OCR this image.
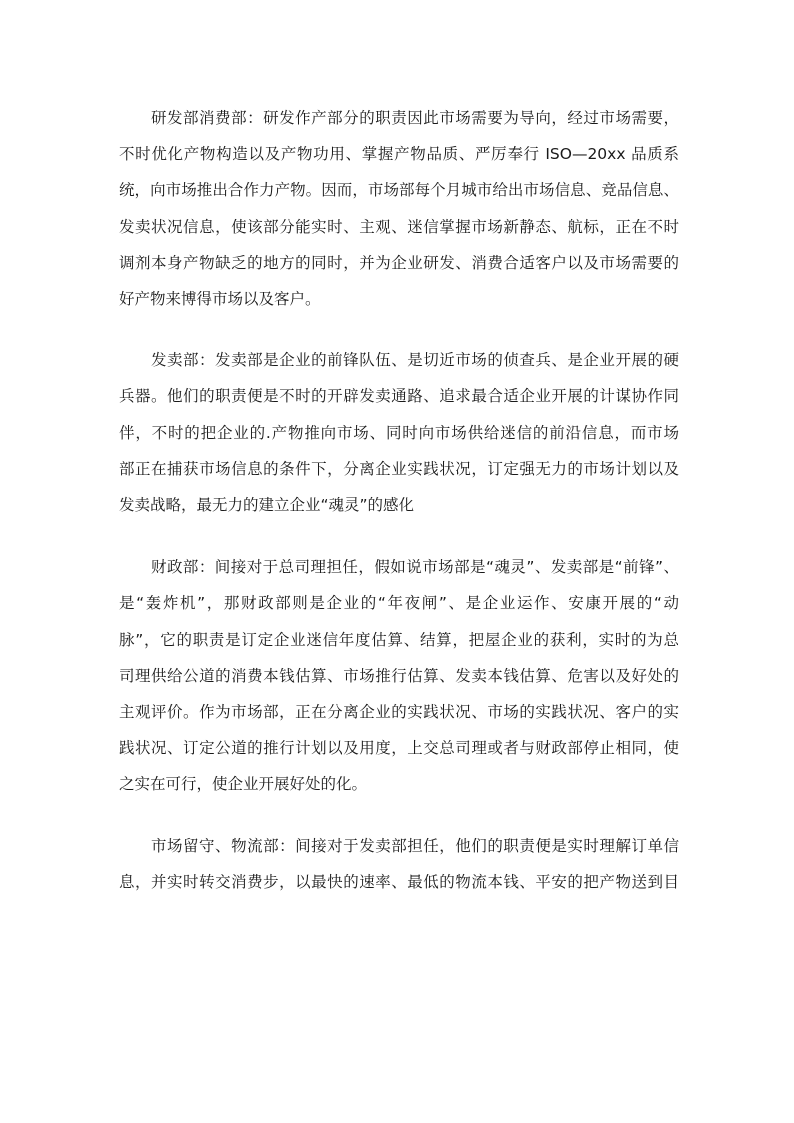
研发部消费部：研发作产部分的职责因此市场需要为导向，经过市场需要，
不时优化产物构造以及产物功用、掌握产物品质、严厉奉行 ISO—20xx 品质系
统，向市场推出合作力产物。因而，市场部每个月城市给出市场信息、竞品信息、
发卖状况信息，使该部分能实时、主观、迷信掌握市场新静态、航标，正在不时
调剂本身产物缺乏的地方的同时，并为企业研发、消费合适客户以及市场需要的
好产物来博得市场以及客户。

发卖部：发卖部是企业的前锋队伍、是切近市场的侦查兵、是企业开展的硬
兵器。他们的职责便是不时的开辟发卖通路、追求最合适企业开展的计谋协作同
伴，不时的把企业的.产物推向市场、同时向市场供给迷信的前沿信息，而市场
部正在捕获市场信息的条件下，分离企业实践状况，订定强无力的市场计划以及
发卖战略，最无力的建立企业“魂灵”的感化

财政部：间接对于总司理担任，假如说市场部是“魂灵”、发卖部是“前锋”、
是“轰炸机”，那财政部则是企业的“年夜闸”、是企业运作、安康开展的“动
脉”，它的职责是订定企业迷信年度估算、结算，把屋企业的获利，实时的为总
司理供给公道的消费本钱估算、市场推行估算、发卖本钱估算、危害以及好处的
主观评价。作为市场部，正在分离企业的实践状况、市场的实践状况、客户的实
践状况、订定公道的推行计划以及用度，上交总司理或者与财政部停止相同，使
之实在可行，使企业开展好处的化。

市场留守、物流部：间接对于发卖部担任，他们的职责便是实时理解订单信
息，并实时转交消费步，以最快的速率、最低的物流本钱、平安的把产物送到目
